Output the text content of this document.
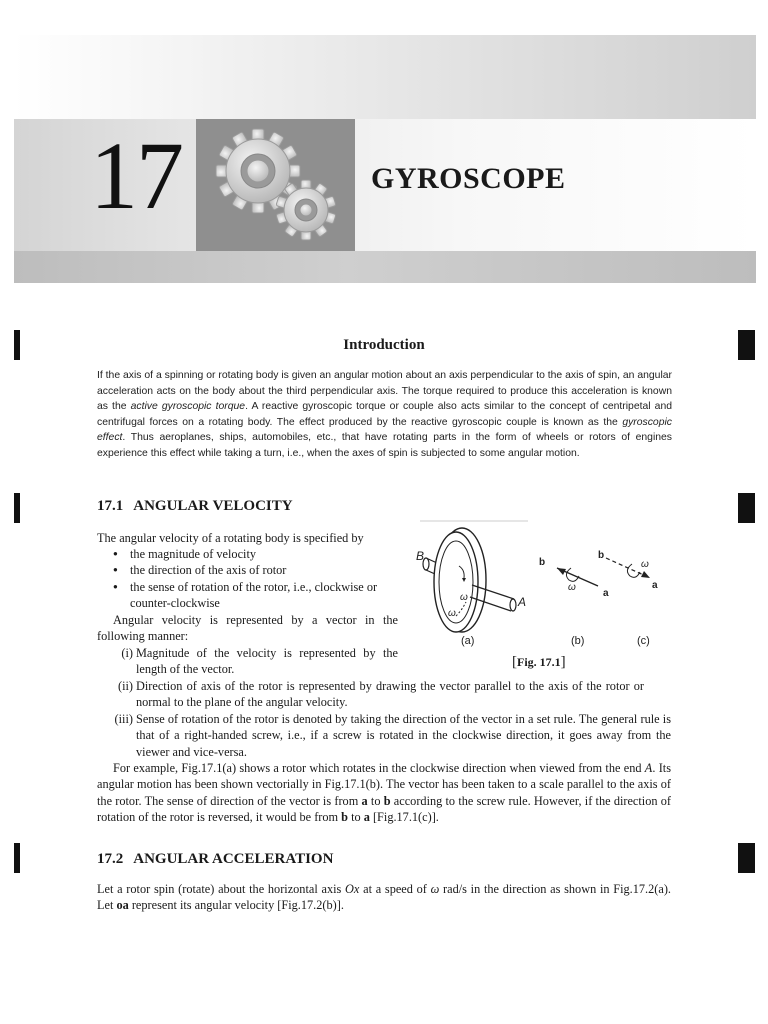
17	GYROSCOPE
Introduction

If the axis of a spinning or rotating body is given an angular motion about an axis perpendicular to the axis of spin, an angular acceleration acts on the body about the third perpendicular axis. The torque required to produce this acceleration is known as the active gyroscopic torque. A reactive gyroscopic torque or couple also acts similar to the concept of centripetal and centrifugal forces on a rotating body. The effect produced by the reactive gyroscopic couple is known as the gyroscopic effect. Thus aeroplanes, ships, automobiles, etc., that have rotating parts in the form of wheels or rotors of engines experience this effect while taking a turn, i.e., when the axes of spin is subjected to some angular motion.

17.1 ANGULAR VELOCITY

The angular velocity of a rotating body is specified by

● the magnitude of velocity
● the direction of the axis of rotor
● the sense of rotation of the rotor, i.e., clockwise or counter-clockwise

Angular velocity is represented by a vector in the following manner:

(i) Magnitude of the velocity is represented by the length of the vector.
(ii) Direction of axis of the rotor is represented by drawing the vector parallel to the axis of the rotor or normal to the plane of the angular velocity.
(iii) Sense of rotation of the rotor is denoted by taking the direction of the vector in a set rule. The general rule is that of a right-handed screw, i.e., if a screw is rotated in the clockwise direction, it goes away from the viewer and vice-versa.

For example, Fig.17.1(a) shows a rotor which rotates in the clockwise direction when viewed from the end A. Its angular motion has been shown vectorially in Fig.17.1(b). The vector has been taken to a scale parallel to the axis of the rotor. The sense of direction of the vector is from a to b according to the screw rule. However, if the direction of rotation of the rotor is reversed, it would be from b to a [Fig.17.1(c)].

B
A
ω
ω
b
a
ω
b
a
ω
(a)	(b)	(c)
[Fig. 17.1]
17.2 ANGULAR ACCELERATION

Let a rotor spin (rotate) about the horizontal axis Ox at a speed of ω rad/s in the direction as shown in Fig.17.2(a). Let oa represent its angular velocity [Fig.17.2(b)].
